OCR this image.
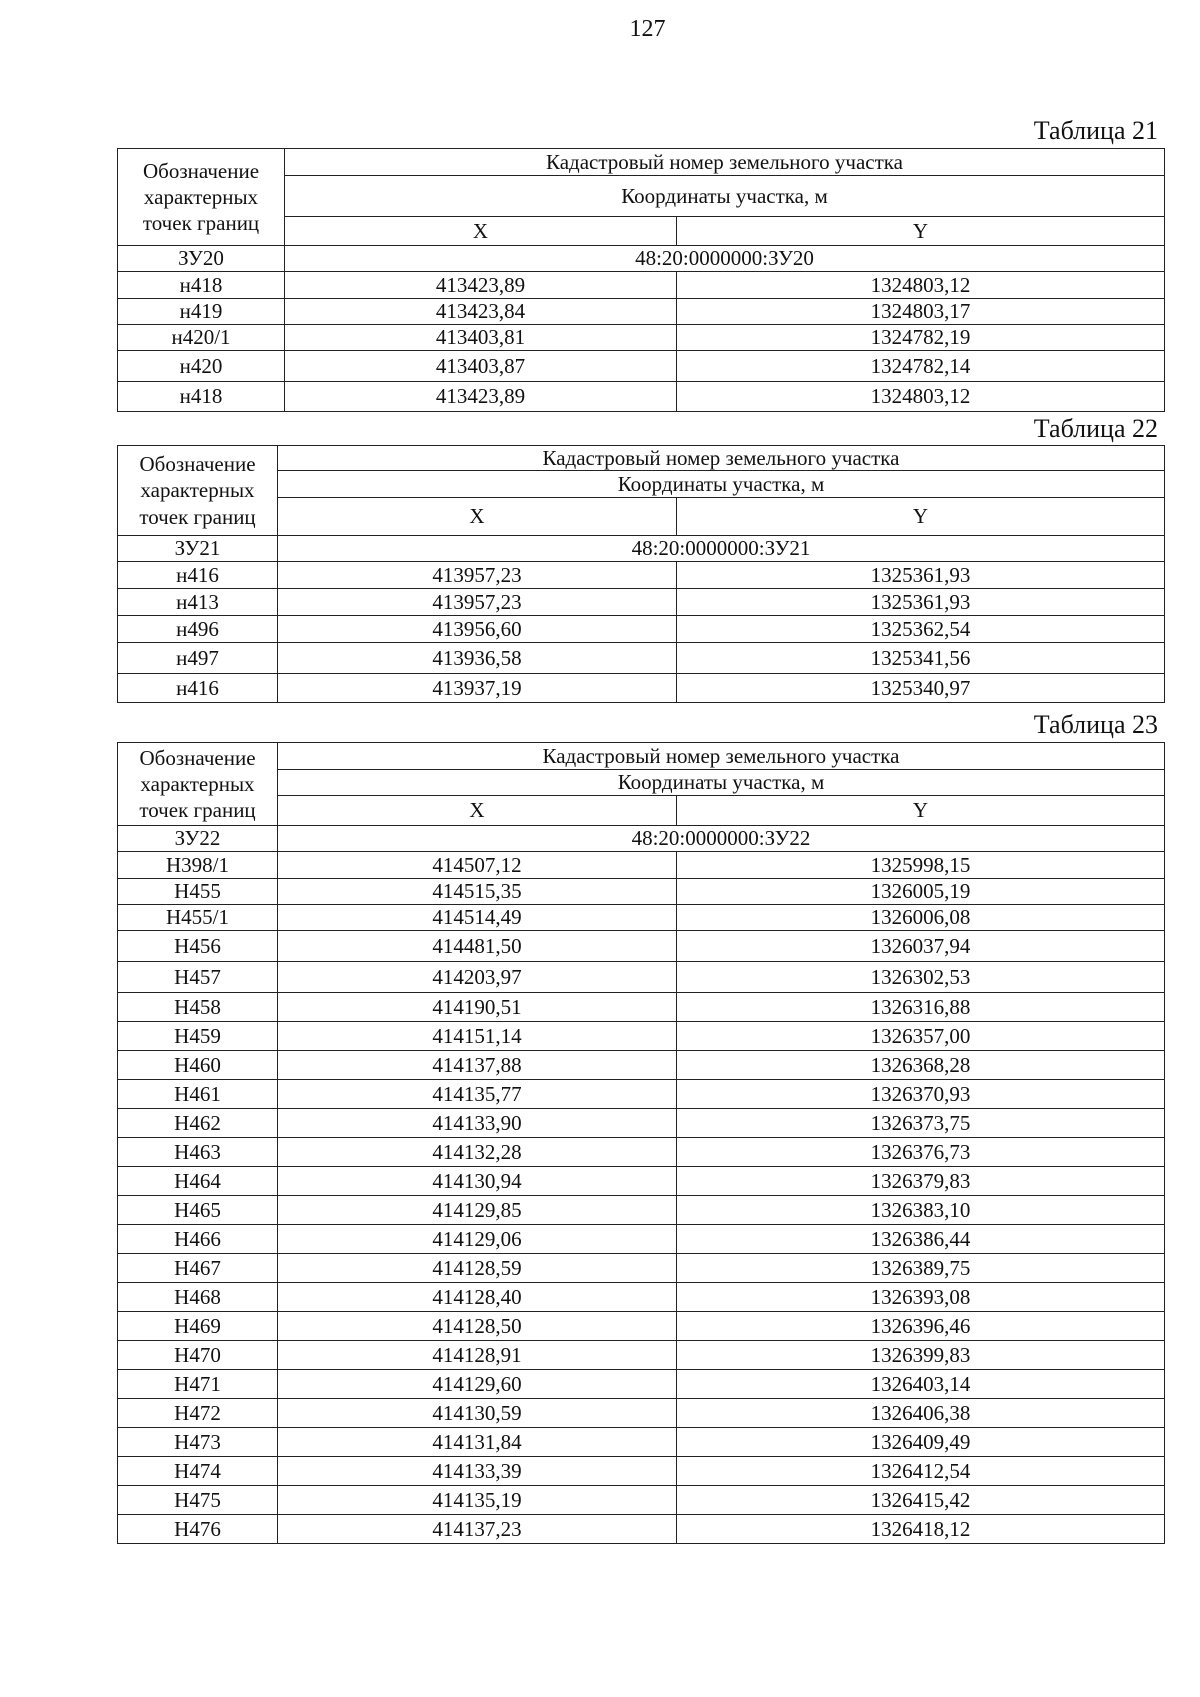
127
Таблица 21
Обозначение характерных точек границ	Кадастровый номер земельного участка	
	Координаты участка, м	
	X	Y
ЗУ20	48:20:0000000:ЗУ20	
н418	413423,89	1324803,12
н419	413423,84	1324803,17
н420/1	413403,81	1324782,19
н420	413403,87	1324782,14
н418	413423,89	1324803,12
Таблица 22
Обозначение характерных точек границ	Кадастровый номер земельного участка	
	Координаты участка, м	
	X	Y
ЗУ21	48:20:0000000:ЗУ21	
н416	413957,23	1325361,93
н413	413957,23	1325361,93
н496	413956,60	1325362,54
н497	413936,58	1325341,56
н416	413937,19	1325340,97
Таблица 23
Обозначение характерных точек границ	Кадастровый номер земельного участка	
	Координаты участка, м	
	X	Y
ЗУ22	48:20:0000000:ЗУ22	
Н398/1	414507,12	1325998,15
Н455	414515,35	1326005,19
Н455/1	414514,49	1326006,08
Н456	414481,50	1326037,94
Н457	414203,97	1326302,53
Н458	414190,51	1326316,88
Н459	414151,14	1326357,00
Н460	414137,88	1326368,28
Н461	414135,77	1326370,93
Н462	414133,90	1326373,75
Н463	414132,28	1326376,73
Н464	414130,94	1326379,83
Н465	414129,85	1326383,10
Н466	414129,06	1326386,44
Н467	414128,59	1326389,75
Н468	414128,40	1326393,08
Н469	414128,50	1326396,46
Н470	414128,91	1326399,83
Н471	414129,60	1326403,14
Н472	414130,59	1326406,38
Н473	414131,84	1326409,49
Н474	414133,39	1326412,54
Н475	414135,19	1326415,42
Н476	414137,23	1326418,12
